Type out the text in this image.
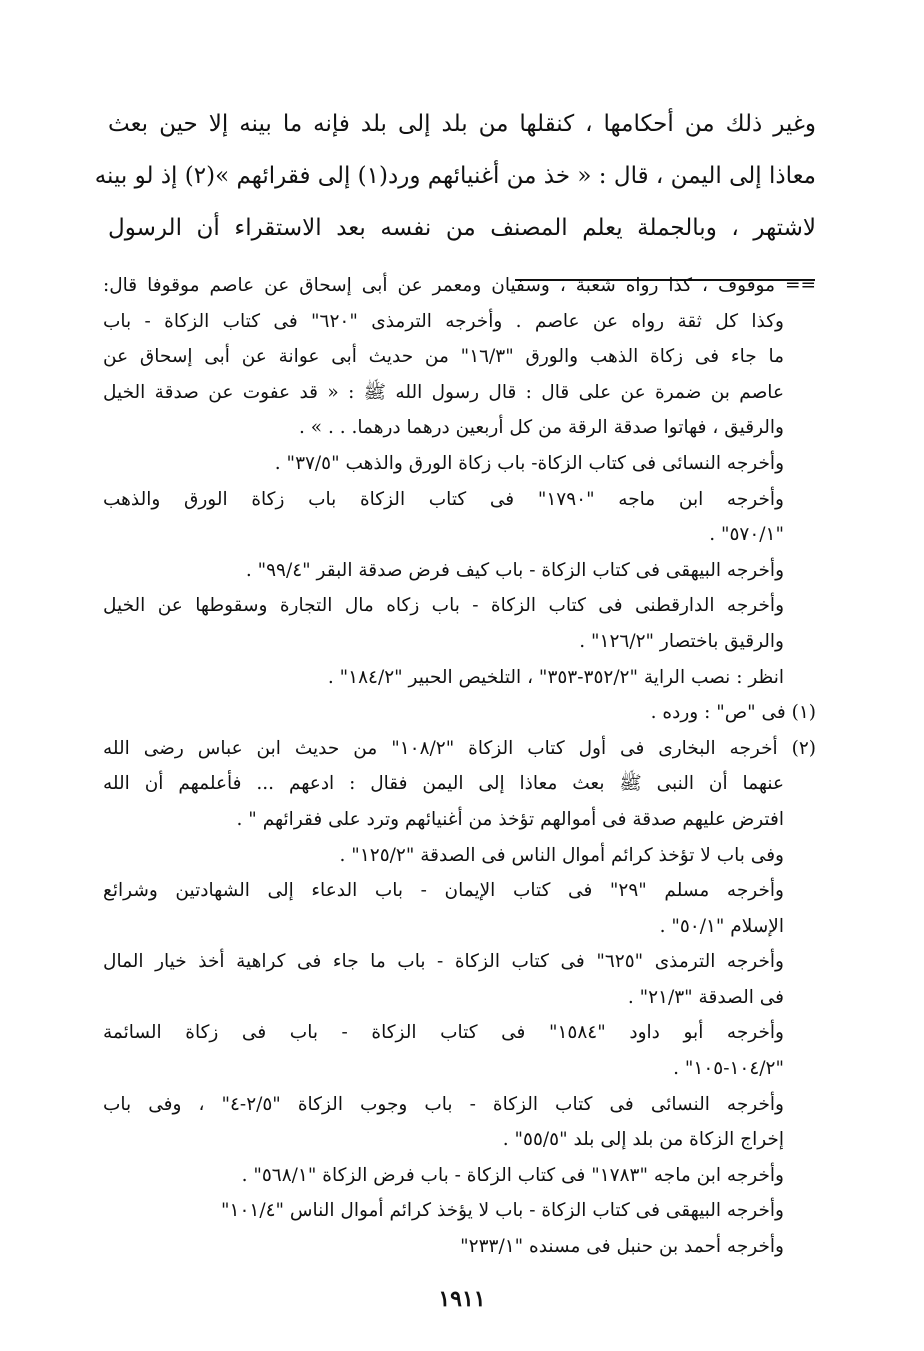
وغير ذلك من أحكامها ، كنقلها من بلد إلى بلد فإنه ما بينه إلا حين بعث
معاذا إلى اليمن ، قال : « خذ من أغنيائهم ورد(١) إلى فقرائهم »(٢) إذ لو بينه
لاشتهر ، وبالجملة يعلم المصنف من نفسه بعد الاستقراء أن الرسول
== موقوف ، كذا رواه شعبة ، وسفيان ومعمر عن أبى إسحاق عن عاصم موقوفا قال:
وكذا كل ثقة رواه عن عاصم . وأخرجه الترمذى "٦٢٠" فى كتاب الزكاة - باب
ما جاء فى زكاة الذهب والورق "١٦/٣" من حديث أبى عوانة عن أبى إسحاق عن
عاصم بن ضمرة عن على قال : قال رسول الله ﷺ : « قد عفوت عن صدقة الخيل
والرقيق ، فهاتوا صدقة الرقة من كل أربعين درهما درهما. . . » .
وأخرجه النسائى فى كتاب الزكاة- باب زكاة الورق والذهب "٣٧/٥" .
وأخرجه ابن ماجه "١٧٩٠" فى كتاب الزكاة باب زكاة الورق والذهب
"٥٧٠/١" .
وأخرجه البيهقى فى كتاب الزكاة - باب كيف فرض صدقة البقر "٩٩/٤" .
وأخرجه الدارقطنى فى كتاب الزكاة - باب زكاه مال التجارة وسقوطها عن الخيل
والرقيق باختصار "١٢٦/٢" .
انظر : نصب الراية "٣٥٢/٢-٣٥٣" ، التلخيص الحبير "١٨٤/٢" .
(١) فى "ص" : ورده .
(٢) أخرجه البخارى فى أول كتاب الزكاة "١٠٨/٢" من حديث ابن عباس رضى الله
عنهما أن النبى ﷺ بعث معاذا إلى اليمن فقال : ادعهم ... فأعلمهم أن الله
افترض عليهم صدقة فى أموالهم تؤخذ من أغنيائهم وترد على فقرائهم " .
وفى باب لا تؤخذ كرائم أموال الناس فى الصدقة "١٢٥/٢" .
وأخرجه مسلم "٢٩" فى كتاب الإيمان - باب الدعاء إلى الشهادتين وشرائع
الإسلام "٥٠/١" .
وأخرجه الترمذى "٦٢٥" فى كتاب الزكاة - باب ما جاء فى كراهية أخذ خيار المال
فى الصدقة "٢١/٣" .
وأخرجه أبو داود "١٥٨٤" فى كتاب الزكاة - باب فى زكاة السائمة
"١٠٤/٢-١٠٥" .
وأخرجه النسائى فى كتاب الزكاة - باب وجوب الزكاة "٢/٥-٤" ، وفى باب
إخراج الزكاة من بلد إلى بلد "٥٥/٥" .
وأخرجه ابن ماجه "١٧٨٣" فى كتاب الزكاة - باب فرض الزكاة "٥٦٨/١" .
وأخرجه البيهقى فى كتاب الزكاة - باب لا يؤخذ كرائم أموال الناس "١٠١/٤"
وأخرجه أحمد بن حنبل فى مسنده "٢٣٣/١"
١٩١١
